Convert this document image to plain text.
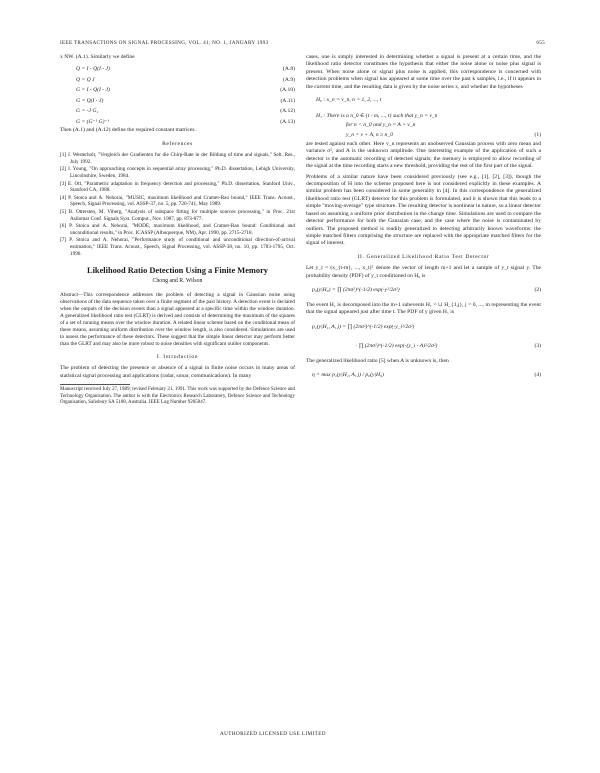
IEEE TRANSACTIONS ON SIGNAL PROCESSING, VOL. 41, NO. 1, JANUARY 1993	655

x NW. (A.1). Similarly we define

Q = I - Q(I - J)	(A.8)
Q = Q J	(A.9)
G = I - Q(I - J)	(A.10)
G = Q(I - J)	(A.11)
G = -J G₁	(A.12)
G = (G⁻¹ G)⁻¹	(A.13)

Then (A.1) and (A.12) define the required constant matrices.

References

[1] J. Westerholt, "Vergleich der Gradienten fur die Chirp-Rate in der Bildung of time and signals," Selt. Res., July 1992.

[2] J. Young, "On approaching concepts in sequential array processing," Ph.D. dissertation, Lehigh University, Lincolnshire, Sweden, 1984.

[3] E. Ott, "Parametric adaptation in frequency detection and processing," Ph.D. dissertation, Stanford Univ., Stanford CA, 1988.

[4] P. Stoica and A. Nehorai, "MUSIC, maximum likelihood and Cramer-Rao bound," IEEE Trans. Acoust., Speech, Signal Processing, vol. ASSP-37, no. 5, pp. 720-741, May 1989.

[5] B. Ottersten, M. Viberg, "Analysis of subspace fitting for multiple sources processing," in Proc. 21st Asilomar Conf. Signals Syst. Comput., Nov. 1987, pp. 873-877.

[6] P. Stoica and A. Nehorai, "MODE, maximum likelihood, and Cramer-Rao bound: Conditional and unconditional results," in Proc. ICASSP (Albuquerque, NM), Apr. 1990, pp. 2715-2718.

[7] P. Stoica and A. Nehorai, "Performance study of conditional and unconditional direction-of-arrival estimation," IEEE Trans. Acoust., Speech, Signal Processing, vol. ASSP-38, no. 10, pp. 1783-1795, Oct. 1990.

Likelihood Ratio Detection Using a Finite Memory
Chong and R. Wilson

Abstract—This correspondence addresses the problem of detecting a signal in Gaussian noise using observations of the data sequence taken over a finite segment of the past history. A detection event is declared when the outputs of the decision events than a signal appeared at a specific time within the window duration. A generalized likelihood ratio test (GLRT) is derived and consists of determining the maximum of the squares of a set of running means over the window duration. A related linear scheme based on the conditional mean of these means, assuming uniform distribution over the window length, is also considered. Simulations are used to assess the performance of these detectors. These suggest that the simple linear detector may perform better than the GLRT and may also be more robust to noise densities with significant outlier components.

I. Introduction

The problem of detecting the presence or absence of a signal in finite noise occurs in many areas of statistical signal processing and applications (radar, sonar, communications). In many

Manuscript received July 27, 1989; revised February 21, 1991. This work was supported by the Defence Science and Technology Organisation. The author is with the Electronics Research Laboratory, Defence Science and Technology Organisation, Salisbury SA 5108, Australia. IEEE Log Number 9205047.

cases, one is simply interested in determining whether a signal is present at a certain time, and the likelihood ratio detector constitutes the hypothesis that either the noise alone or noise plus signal is present. When noise alone or signal plus noise is applied, this correspondence is concerned with detection problems when signal has appeared at some time over the past k samples, i.e., if it appears in the current time, and the resulting data is given by the noise series x, and whether the hypotheses

H₀ : x_n = v_n, n = 1, 2, ..., t
H₁ : There is a n_0 ∈ {t - m, ..., t} such that y_n = v_n
for n < n_0 and y_n = A + v_n
y_n = v + A, n ≥ n_0	(1)

are tested against each other. Here v_n represents an unobserved Gaussian process with zero mean and variance σ², and A is the unknown amplitude. One interesting example of the application of such a detector is the automatic recording of detected signals; the memory is employed to allow recording of the signal at the time recording starts a new threshold, providing the rest of the first part of the signal.

Problems of a similar nature have been considered previously (see e.g., [1], [2], [3]), though the decomposition of H into the scheme proposed here is not considered explicitly in these examples. A similar problem has been considered in some generality in [4]. In this correspondence the generalized likelihood ratio test (GLRT) detector for this problem is formulated, and it is shown that this leads to a simple "moving-average" type structure. The resulting detector is nonlinear in nature, so a linear detector based on assuming a uniform prior distribution in the change time. Simulations are used to compare the detector performance for both the Gaussian case, and the case where the noise is contaminated by outliers. The proposed method is readily generalized to detecting arbitrarily known waveforms: the simple matched filters comprising the structure are replaced with the appropriate matched filters for the signal of interest.

II. Generalized Likelihood Ratio Test Detector

Let y_t = (x_{t-m}, ..., x_t)ᵀ denote the vector of length m+1 and let a sample of y_t signal y. The probability density (PDF) of y_t conditioned on H₀ is

p₀(y|H₀) = ∏ (2πσ²)^(-1/2) exp(-y²/2σ²)	(2)

The event H₁ is decomposed into the m+1 subevents H₁ = ∪ H_{1,j}, j = 0, ..., m representing the event that the signal appeared just after time t. The PDF of y given H₁ is

p₁(y|H₁, A, j) = ∏ (2πσ²)^(-1/2) exp(-y_i²/2σ²)
· ∏ (2πσ²)^(-1/2) exp(-(y_i - A)²/2σ²)	(3)

The generalized likelihood ratio [5] when A is unknown is, then

η = max p₁(y|H₁, A, j) / p₀(y|H₀)	(4)
AUTHORIZED LICENSED USE LIMITED
